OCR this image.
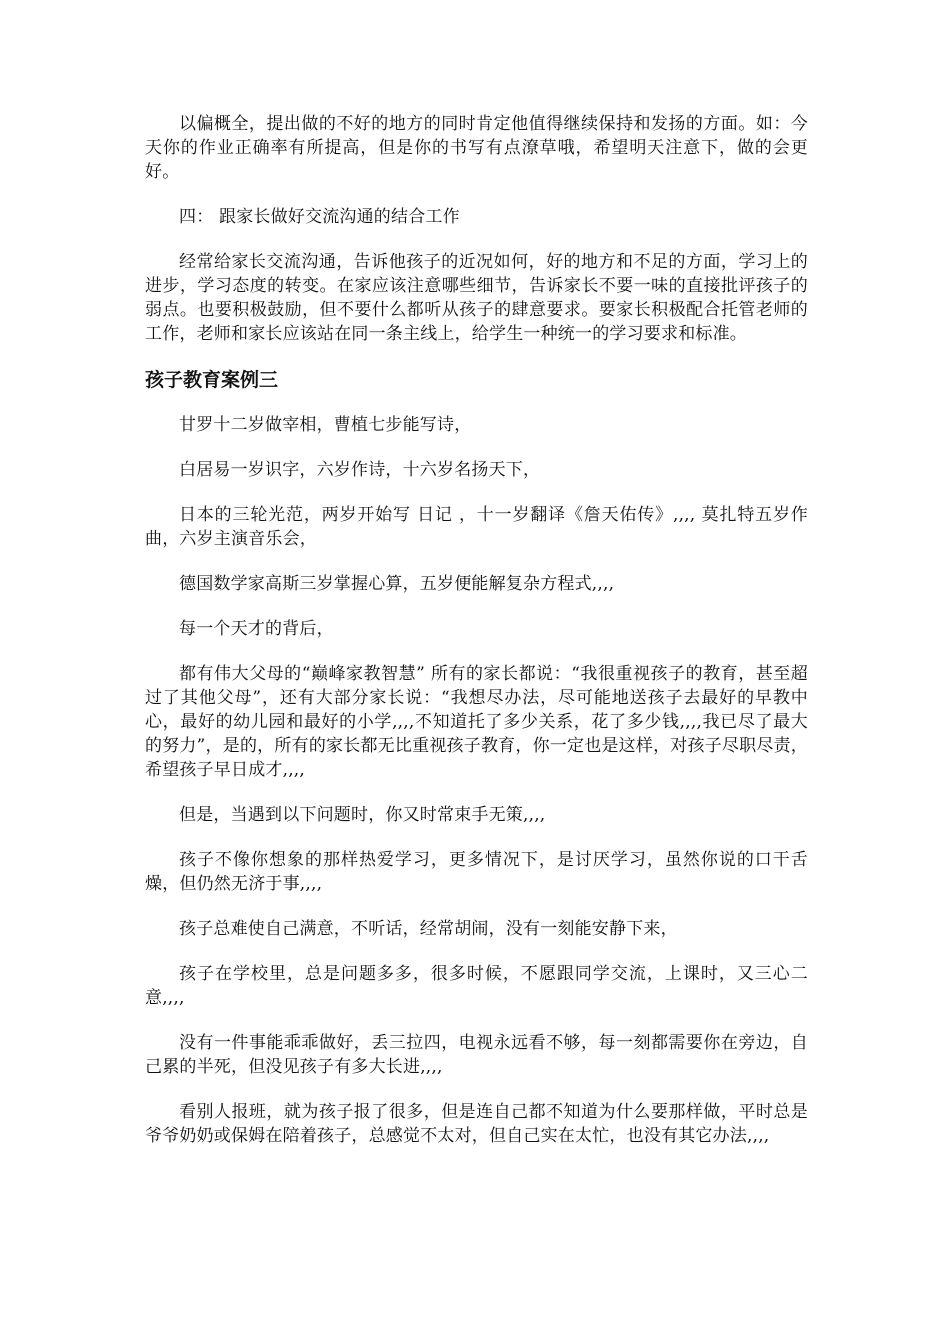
以偏概全，提出做的不好的地方的同时肯定他值得继续保持和发扬的方面。如：今天你的作业正确率有所提高，但是你的书写有点潦草哦，希望明天注意下，做的会更好。

四： 跟家长做好交流沟通的结合工作

经常给家长交流沟通，告诉他孩子的近况如何，好的地方和不足的方面，学习上的进步，学习态度的转变。在家应该注意哪些细节，告诉家长不要一味的直接批评孩子的弱点。也要积极鼓励，但不要什么都听从孩子的肆意要求。要家长积极配合托管老师的工作，老师和家长应该站在同一条主线上，给学生一种统一的学习要求和标准。

孩子教育案例三

甘罗十二岁做宰相，曹植七步能写诗，

白居易一岁识字，六岁作诗，十六岁名扬天下，

日本的三轮光范，两岁开始写 日记 ，十一岁翻译《詹天佑传》,,,, 莫扎特五岁作曲，六岁主演音乐会，

德国数学家高斯三岁掌握心算，五岁便能解复杂方程式,,,,

每一个天才的背后，

都有伟大父母的“巅峰家教智慧” 所有的家长都说：“我很重视孩子的教育，甚至超过了其他父母”，还有大部分家长说：“我想尽办法，尽可能地送孩子去最好的早教中心，最好的幼儿园和最好的小学,,,,不知道托了多少关系，花了多少钱,,,,我已尽了最大的努力”，是的，所有的家长都无比重视孩子教育，你一定也是这样，对孩子尽职尽责，希望孩子早日成才,,,,

但是，当遇到以下问题时，你又时常束手无策,,,,

孩子不像你想象的那样热爱学习，更多情况下，是讨厌学习，虽然你说的口干舌燥，但仍然无济于事,,,,

孩子总难使自己满意，不听话，经常胡闹，没有一刻能安静下来，

孩子在学校里，总是问题多多，很多时候，不愿跟同学交流，上课时，又三心二意,,,,

没有一件事能乖乖做好，丢三拉四，电视永远看不够，每一刻都需要你在旁边，自己累的半死，但没见孩子有多大长进,,,,

看别人报班，就为孩子报了很多，但是连自己都不知道为什么要那样做，平时总是爷爷奶奶或保姆在陪着孩子，总感觉不太对，但自己实在太忙，也没有其它办法,,,,
